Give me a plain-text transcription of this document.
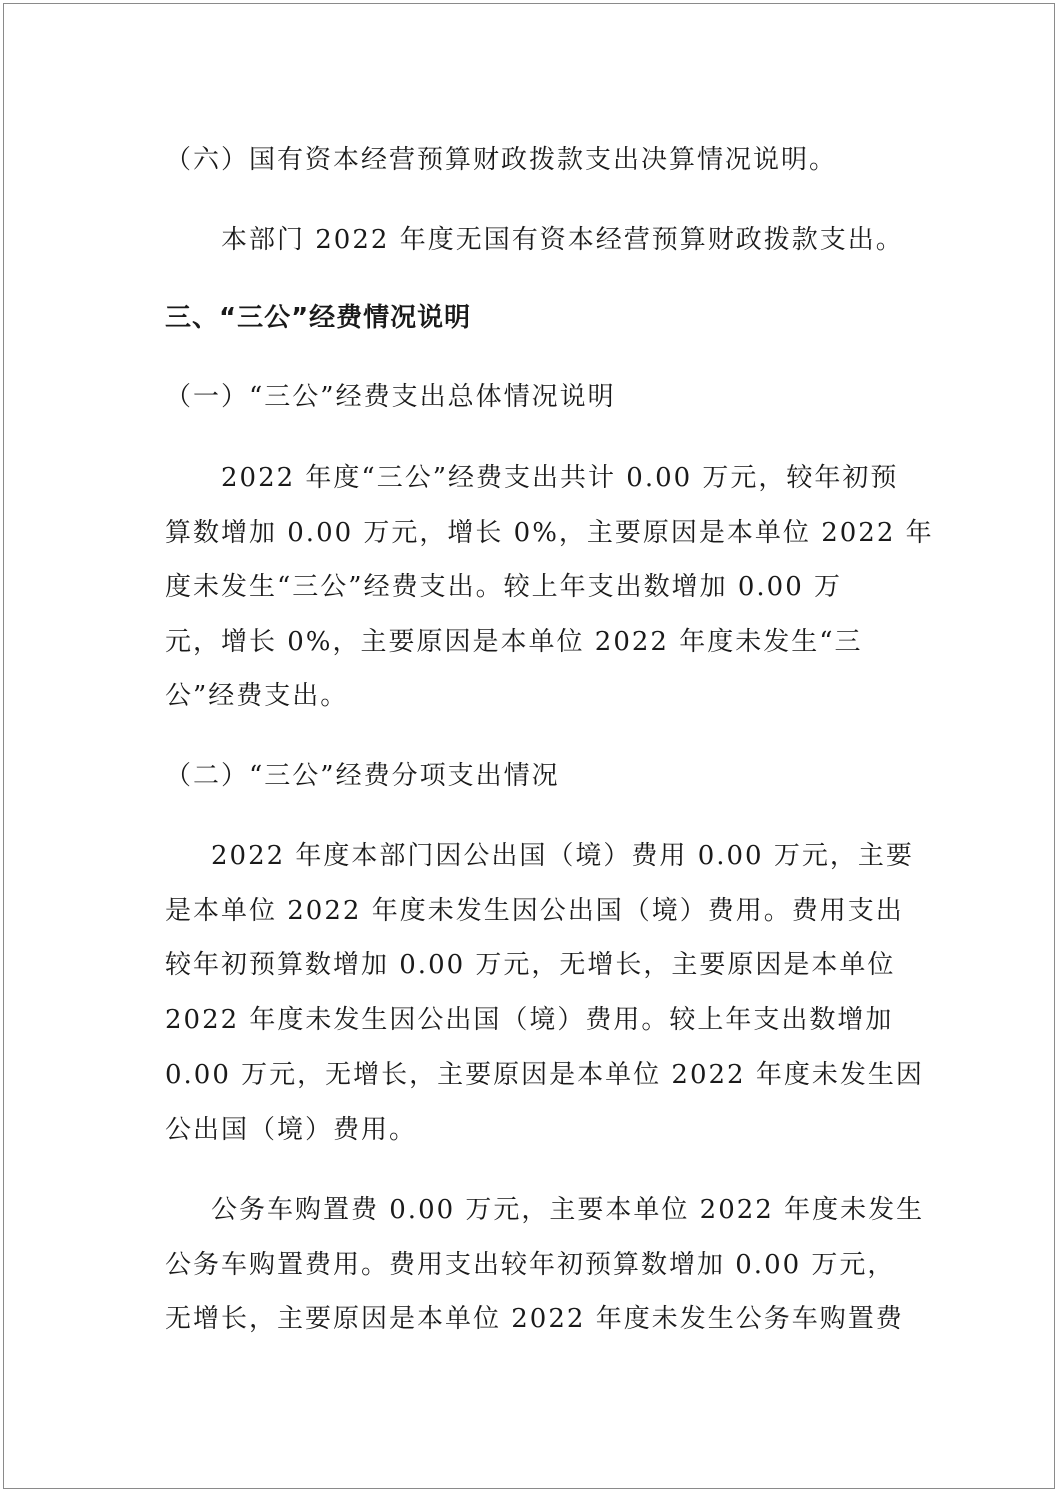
（六）国有资本经营预算财政拨款支出决算情况说明。
本部门 2022 年度无国有资本经营预算财政拨款支出。
三、“三公”经费情况说明
（一）“三公”经费支出总体情况说明
2022 年度“三公”经费支出共计 0.00 万元，较年初预
算数增加 0.00 万元，增长 0%，主要原因是本单位 2022 年
度未发生“三公”经费支出。较上年支出数增加 0.00 万
元，增长 0%，主要原因是本单位 2022 年度未发生“三
公”经费支出。
（二）“三公”经费分项支出情况
2022 年度本部门因公出国（境）费用 0.00 万元，主要
是本单位 2022 年度未发生因公出国（境）费用。费用支出
较年初预算数增加 0.00 万元，无增长，主要原因是本单位
2022 年度未发生因公出国（境）费用。较上年支出数增加
0.00 万元，无增长，主要原因是本单位 2022 年度未发生因
公出国（境）费用。
公务车购置费 0.00 万元，主要本单位 2022 年度未发生
公务车购置费用。费用支出较年初预算数增加 0.00 万元，
无增长，主要原因是本单位 2022 年度未发生公务车购置费
